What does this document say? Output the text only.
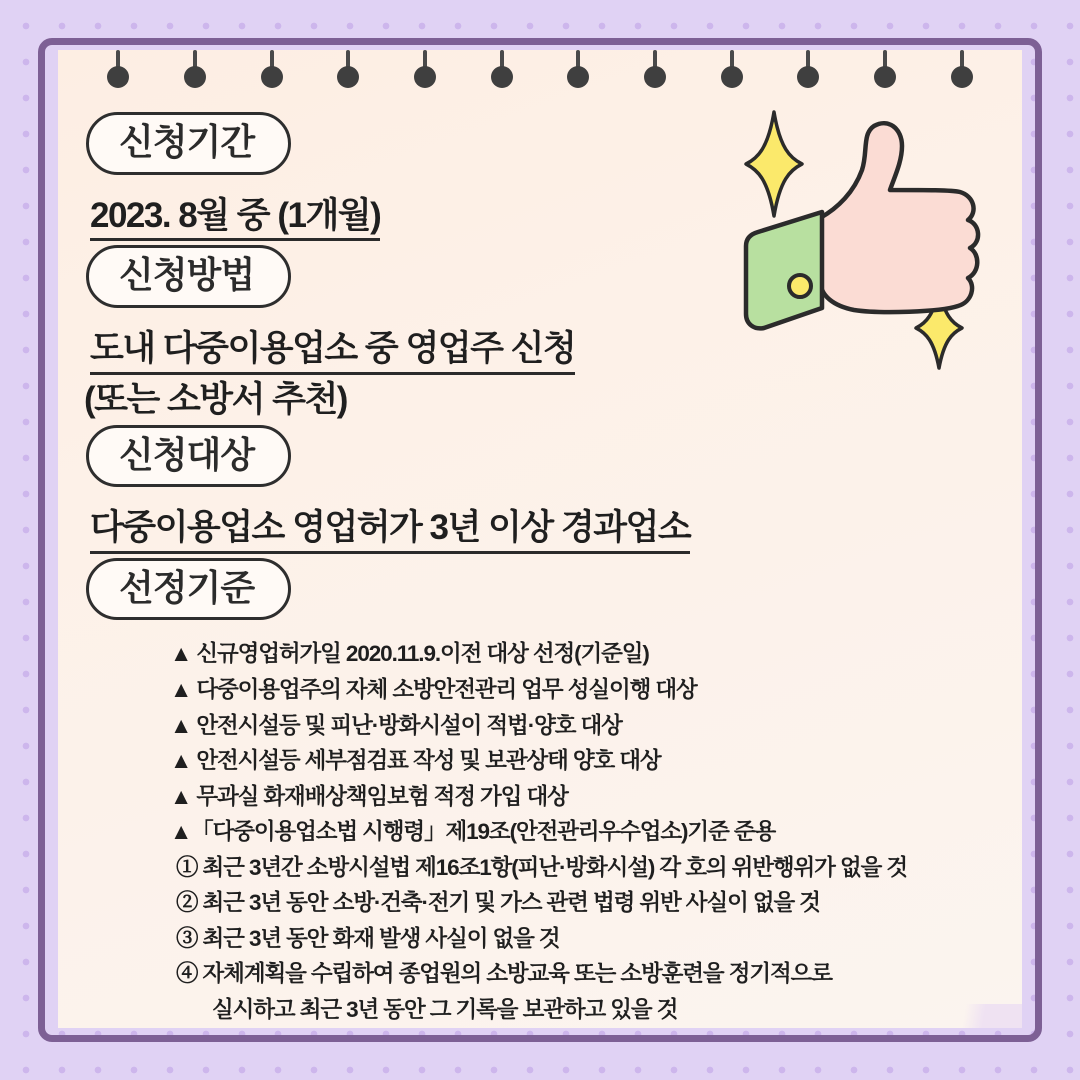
신청기간
2023. 8월 중 (1개월)
신청방법
도내 다중이용업소 중 영업주 신청
(또는 소방서 추천)
신청대상
다중이용업소 영업허가 3년 이상 경과업소
선정기준
▲ 신규영업허가일 2020.11.9.이전 대상 선정(기준일)
▲ 다중이용업주의 자체 소방안전관리 업무 성실이행 대상
▲ 안전시설등 및 피난·방화시설이 적법·양호 대상
▲ 안전시설등 세부점검표 작성 및 보관상태 양호 대상
▲ 무과실 화재배상책임보험 적정 가입 대상
▲「다중이용업소법 시행령」제19조(안전관리우수업소)기준 준용
① 최근 3년간 소방시설법 제16조1항(피난·방화시설) 각 호의 위반행위가 없을 것
② 최근 3년 동안 소방·건축·전기 및 가스 관련 법령 위반 사실이 없을 것
③ 최근 3년 동안 화재 발생 사실이 없을 것
④ 자체계획을 수립하여 종업원의 소방교육 또는 소방훈련을 정기적으로
실시하고 최근 3년 동안 그 기록을 보관하고 있을 것
